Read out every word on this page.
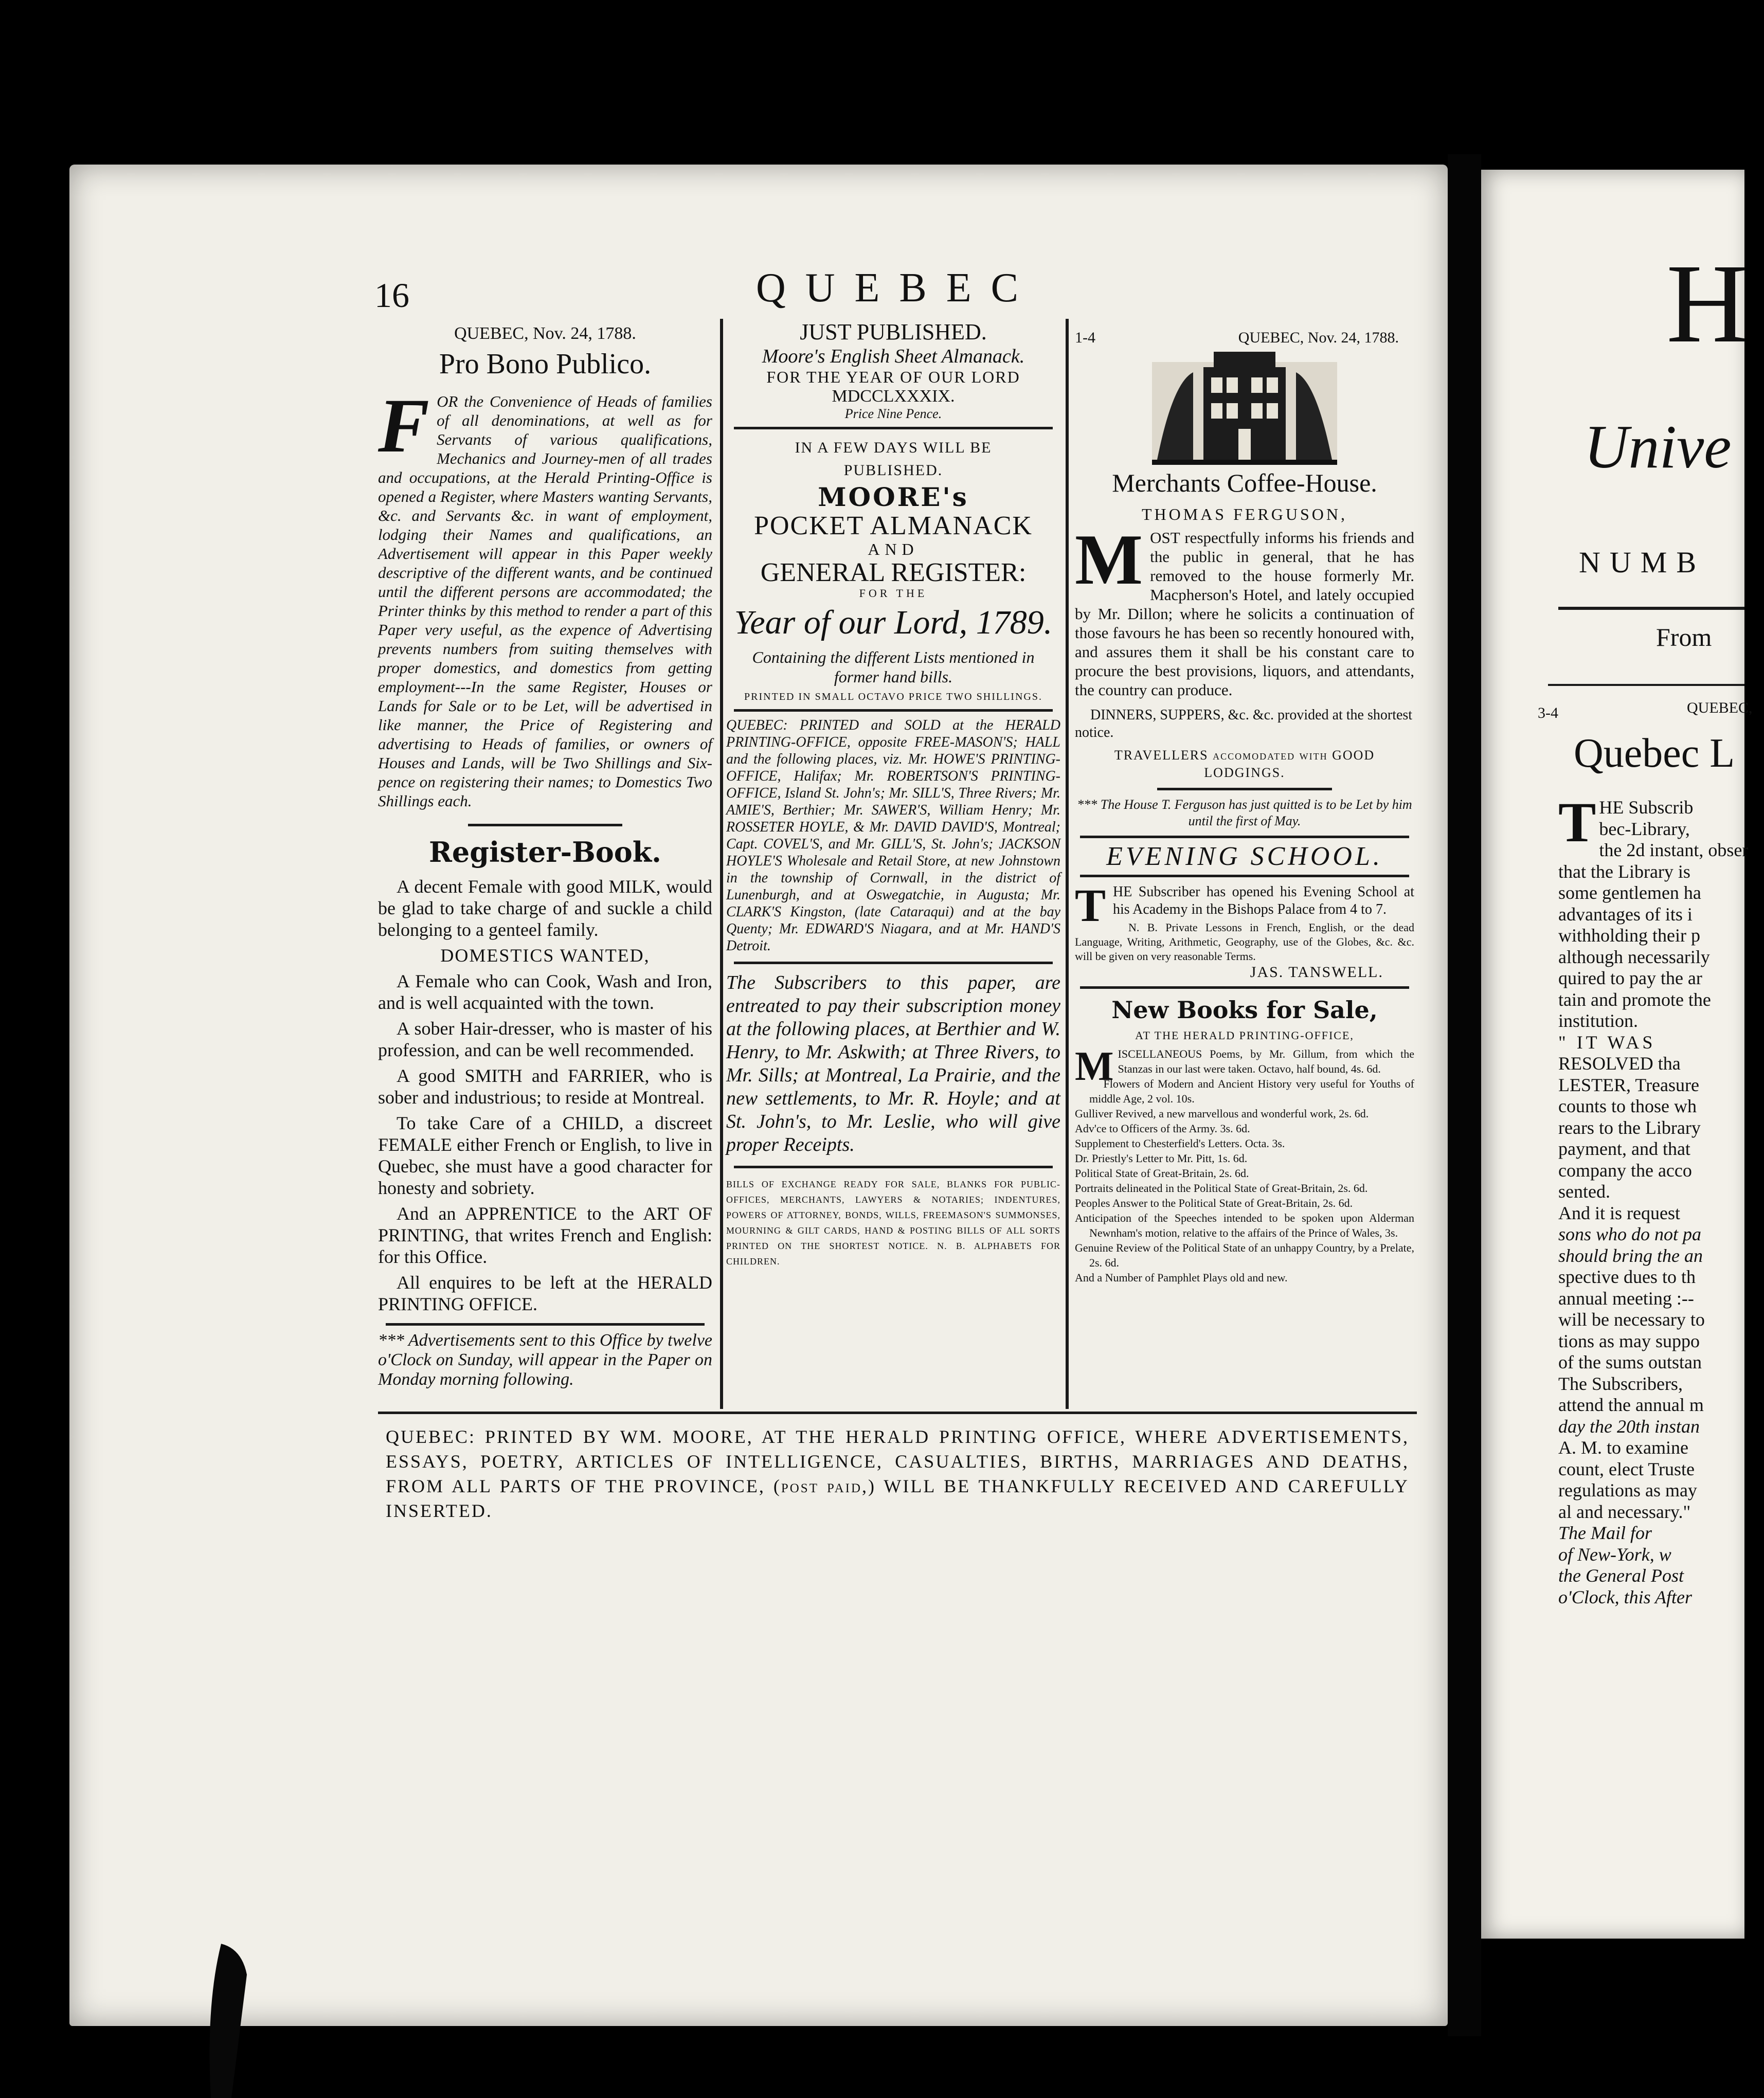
16	QUEBEC
QUEBEC, Nov. 24, 1788.
Pro Bono Publico.
F OR the Convenience of Heads of families of all denominations, at well as for Servants of various qualifications, Mechanics and Journey-men of all trades and occupations, at the Herald Printing-Office is opened a Register, where Masters wanting Servants, &c. and Servants &c. in want of employment, lodging their Names and qualifications, an Advertisement will appear in this Paper weekly descriptive of the different wants, and be continued until the different persons are accommodated; the Printer thinks by this method to render a part of this Paper very useful, as the expence of Advertising prevents numbers from suiting themselves with proper domestics, and domestics from getting employment---In the same Register, Houses or Lands for Sale or to be Let, will be advertised in like manner, the Price of Registering and advertising to Heads of families, or owners of Houses and Lands, will be Two Shillings and Six-pence on registering their names; to Domestics Two Shillings each.
Register-Book.

A decent Female with good MILK, would be glad to take charge of and suckle a child belonging to a genteel family.

DOMESTICS WANTED,

A Female who can Cook, Wash and Iron, and is well acquainted with the town.

A sober Hair-dresser, who is master of his profession, and can be well recommended.

A good SMITH and FARRIER, who is sober and industrious; to reside at Montreal.

To take Care of a CHILD, a discreet FEMALE either French or English, to live in Quebec, she must have a good character for honesty and sobriety.

And an APPRENTICE to the ART OF PRINTING, that writes French and English: for this Office.

All enquires to be left at the HERALD PRINTING OFFICE.

*** Advertisements sent to this Office by twelve o'Clock on Sunday, will appear in the Paper on Monday morning following.
JUST PUBLISHED.
Moore's English Sheet Almanack.
FOR THE YEAR OF OUR LORD
MDCCLXXXIX.
Price Nine Pence.
IN A FEW DAYS WILL BE PUBLISHED.
MOORE's
POCKET ALMANACK
AND
GENERAL REGISTER:
FOR THE
Year of our Lord, 1789.
Containing the different Lists mentioned in former hand bills.
PRINTED IN SMALL OCTAVO PRICE TWO SHILLINGS.
QUEBEC: PRINTED and SOLD at the HERALD PRINTING-OFFICE, opposite FREE-MASON'S; HALL and the following places, viz. Mr. HOWE'S PRINTING-OFFICE, Halifax; Mr. ROBERTSON'S PRINTING-OFFICE, Island St. John's; Mr. SILL'S, Three Rivers; Mr. AMIE'S, Berthier; Mr. SAWER'S, William Henry; Mr. ROSSETER HOYLE, & Mr. DAVID DAVID'S, Montreal; Capt. COVEL'S, and Mr. GILL'S, St. John's; JACKSON HOYLE'S Wholesale and Retail Store, at new Johnstown in the township of Cornwall, in the district of Lunenburgh, and at Oswegatchie, in Augusta; Mr. CLARK'S Kingston, (late Cataraqui) and at the bay Quenty; Mr. EDWARD'S Niagara, and at Mr. HAND'S Detroit.
The Subscribers to this paper, are entreated to pay their subscription money at the following places, at Berthier and W. Henry, to Mr. Askwith; at Three Rivers, to Mr. Sills; at Montreal, La Prairie, and the new settlements, to Mr. R. Hoyle; and at St. John's, to Mr. Leslie, who will give proper Receipts.
BILLS OF EXCHANGE READY FOR SALE, BLANKS FOR PUBLIC-OFFICES, MERCHANTS, LAWYERS & NOTARIES; INDENTURES, POWERS OF ATTORNEY, BONDS, WILLS, FREEMASON'S SUMMONSES, MOURNING & GILT CARDS, HAND & POSTING BILLS OF ALL SORTS PRINTED ON THE SHORTEST NOTICE. N. B. ALPHABETS FOR CHILDREN.
1-4	QUEBEC, Nov. 24, 1788.
Merchants Coffee-House.
THOMAS FERGUSON,
M OST respectfully informs his friends and the public in general, that he has removed to the house formerly Mr. Macpherson's Hotel, and lately occupied by Mr. Dillon; where he solicits a continuation of those favours he has been so recently honoured with, and assures them it shall be his constant care to procure the best provisions, liquors, and attendants, the country can produce.
DINNERS, SUPPERS, &c. &c. provided at the shortest notice.
TRAVELLERS accomodated with GOOD LODGINGS.
*** The House T. Ferguson has just quitted is to be Let by him until the first of May.
EVENING SCHOOL.
T HE Subscriber has opened his Evening School at his Academy in the Bishops Palace from 4 to 7.
N. B. Private Lessons in French, English, or the dead Language, Writing, Arithmetic, Geography, use of the Globes, &c. &c. will be given on very reasonable Terms.
JAS. TANSWELL.
New Books for Sale,
AT THE HERALD PRINTING-OFFICE,

MISCELLANEOUS Poems, by Mr. Gillum, from which the Stanzas in our last were taken. Octavo, half bound, 4s. 6d.

Flowers of Modern and Ancient History very useful for Youths of middle Age, 2 vol. 10s.

Gulliver Revived, a new marvellous and wonderful work, 2s. 6d.

Adv'ce to Officers of the Army. 3s. 6d.

Supplement to Chesterfield's Letters. Octa. 3s.

Dr. Priestly's Letter to Mr. Pitt, 1s. 6d.

Political State of Great-Britain, 2s. 6d.

Portraits delineated in the Political State of Great-Britain, 2s. 6d.

Peoples Answer to the Political State of Great-Britain, 2s. 6d.

Anticipation of the Speeches intended to be spoken upon Alderman Newnham's motion, relative to the affairs of the Prince of Wales, 3s.

Genuine Review of the Political State of an unhappy Country, by a Prelate, 2s. 6d.

And a Number of Pamphlet Plays old and new.

QUEBEC: PRINTED BY WM. MOORE, AT THE HERALD PRINTING OFFICE, WHERE ADVERTISEMENTS, ESSAYS, POETRY, ARTICLES OF INTELLIGENCE, CASUALTIES, BIRTHS, MARRIAGES AND DEATHS, FROM ALL PARTS OF THE PROVINCE, (post paid,) WILL BE THANKFULLY RECEIVED AND CAREFULLY INSERTED.
H
Unive
NUMB
From
3-4	QUEBEC,
Quebec L
T HE Subscrib
bec-Library,
the 2d instant, obser
that the Library is
some gentlemen ha
advantages of its i
withholding their p
although necessarily
quired to pay the ar
tain and promote the
institution.
" IT WAS
RESOLVED tha
LESTER, Treasure
counts to those wh
rears to the Library
payment, and that
company the acco
sented.
And it is request
sons who do not pa
should bring the an
spective dues to th
annual meeting :--
will be necessary to
tions as may suppo
of the sums outstan
The Subscribers,
attend the annual m
day the 20th instan
A. M. to examine
count, elect Truste
regulations as may
al and necessary."
The Mail for
of New-York, w
the General Post
o'Clock, this After
